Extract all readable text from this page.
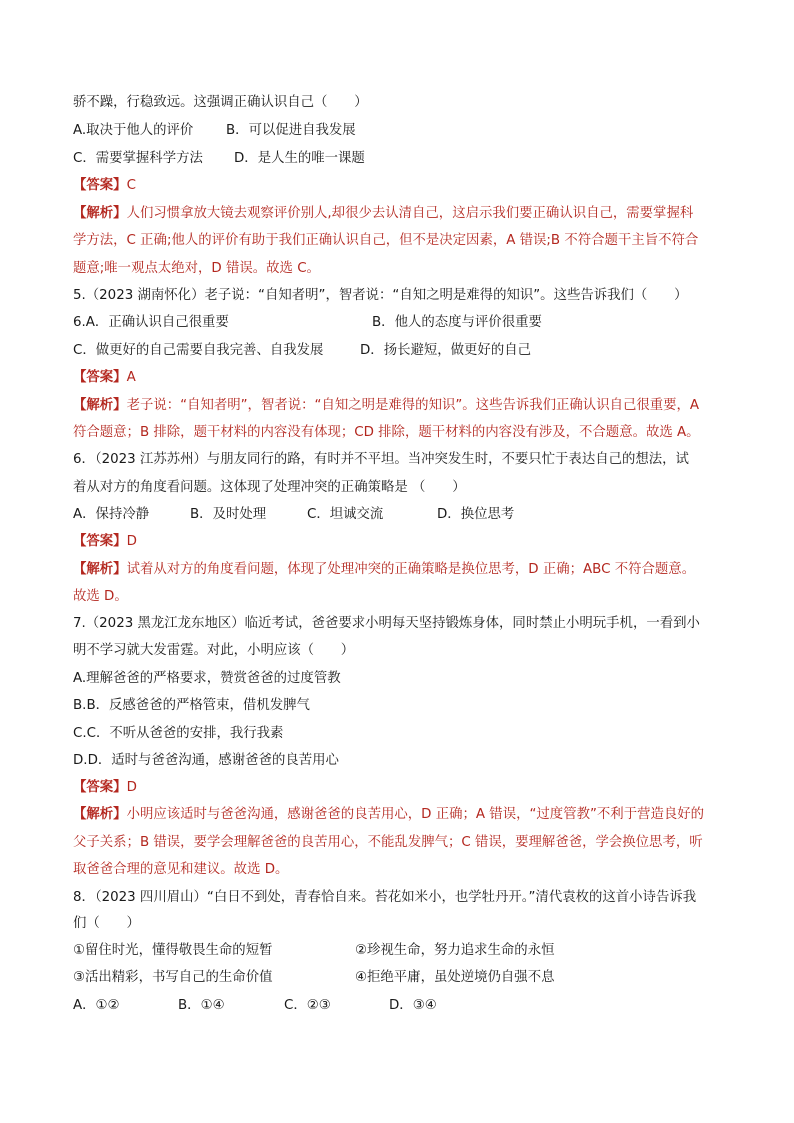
骄不躁，行稳致远。这强调正确认识自己（　　）
A.取决于他人的评价 B．可以促进自我发展
C．需要掌握科学方法 D．是人生的唯一课题
【答案】C
【解析】人们习惯拿放大镜去观察评价别人,却很少去认清自己，这启示我们要正确认识自己，需要掌握科
学方法，C 正确;他人的评价有助于我们正确认识自己，但不是决定因素，A 错误;B 不符合题干主旨不符合
题意;唯一观点太绝对，D 错误。故选 C。
5.（2023 湖南怀化）老子说：“自知者明”，智者说：“自知之明是难得的知识”。这些告诉我们（　　）
6.A．正确认识自己很重要	B．他人的态度与评价很重要
C．做更好的自己需要自我完善、自我发展	D．扬长避短，做更好的自己
【答案】A
【解析】老子说：“自知者明”，智者说：“自知之明是难得的知识”。这些告诉我们正确认识自己很重要，A
符合题意；B 排除，题干材料的内容没有体现；CD 排除，题干材料的内容没有涉及，不合题意。故选 A。
6．（2023 江苏苏州）与朋友同行的路，有时并不平坦。当冲突发生时，不要只忙于表达自己的想法，试
着从对方的角度看问题。这体现了处理冲突的正确策略是 （　　）
A．保持冷静	B．及时处理	C．坦诚交流	D．换位思考
【答案】D
【解析】试着从对方的角度看问题，体现了处理冲突的正确策略是换位思考，D 正确；ABC 不符合题意。
故选 D。
7.（2023 黑龙江龙东地区）临近考试，爸爸要求小明每天坚持锻炼身体，同时禁止小明玩手机，一看到小
明不学习就大发雷霆。对此，小明应该（　　）
A.理解爸爸的严格要求，赞赏爸爸的过度管教
B.B．反感爸爸的严格管束，借机发脾气
C.C．不听从爸爸的安排，我行我素
D.D．适时与爸爸沟通，感谢爸爸的良苦用心
【答案】D
【解析】小明应该适时与爸爸沟通，感谢爸爸的良苦用心，D 正确；A 错误，“过度管教”不利于营造良好的
父子关系；B 错误，要学会理解爸爸的良苦用心，不能乱发脾气；C 错误，要理解爸爸，学会换位思考，听
取爸爸合理的意见和建议。故选 D。
8．（2023 四川眉山）“白日不到处，青春恰自来。苔花如米小，也学牡丹开。”清代袁枚的这首小诗告诉我
们（　　）
①留住时光，懂得敬畏生命的短暂	②珍视生命，努力追求生命的永恒
③活出精彩，书写自己的生命价值	④拒绝平庸，虽处逆境仍自强不息
A．①②	B．①④	C．②③	D．③④
